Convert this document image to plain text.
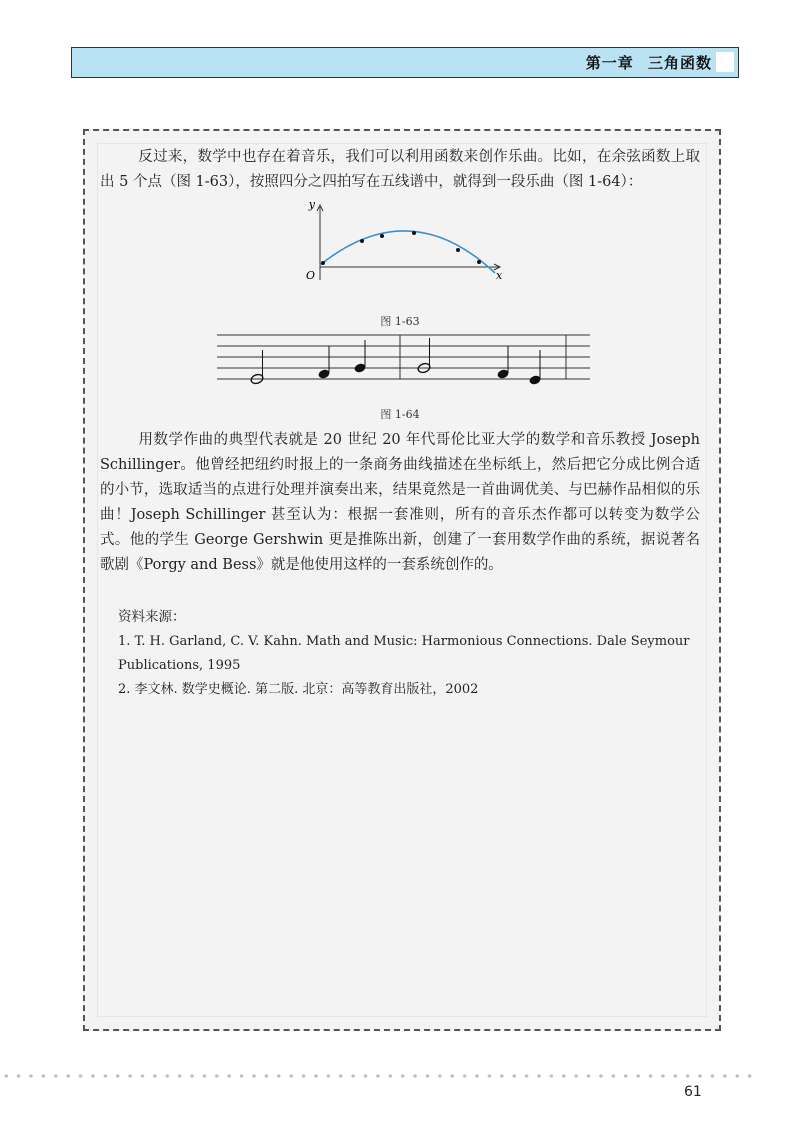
第一章 三角函数

反过来，数学中也存在着音乐，我们可以利用函数来创作乐曲。比如，在余弦函数上取出 5 个点（图 1-63），按照四分之四拍写在五线谱中，就得到一段乐曲（图 1-64）：

y
O	x
图 1-63
图 1-64

用数学作曲的典型代表就是 20 世纪 20 年代哥伦比亚大学的数学和音乐教授 Joseph Schillinger。他曾经把纽约时报上的一条商务曲线描述在坐标纸上，然后把它分成比例合适的小节，选取适当的点进行处理并演奏出来，结果竟然是一首曲调优美、与巴赫作品相似的乐曲！Joseph Schillinger 甚至认为：根据一套准则，所有的音乐杰作都可以转变为数学公式。他的学生 George Gershwin 更是推陈出新，创建了一套用数学作曲的系统，据说著名歌剧《Porgy and Bess》就是他使用这样的一套系统创作的。

资料来源：

1. T. H. Garland, C. V. Kahn. Math and Music: Harmonious Connections. Dale Seymour Publications, 1995

2. 李文林. 数学史概论. 第二版. 北京：高等教育出版社，2002

61
